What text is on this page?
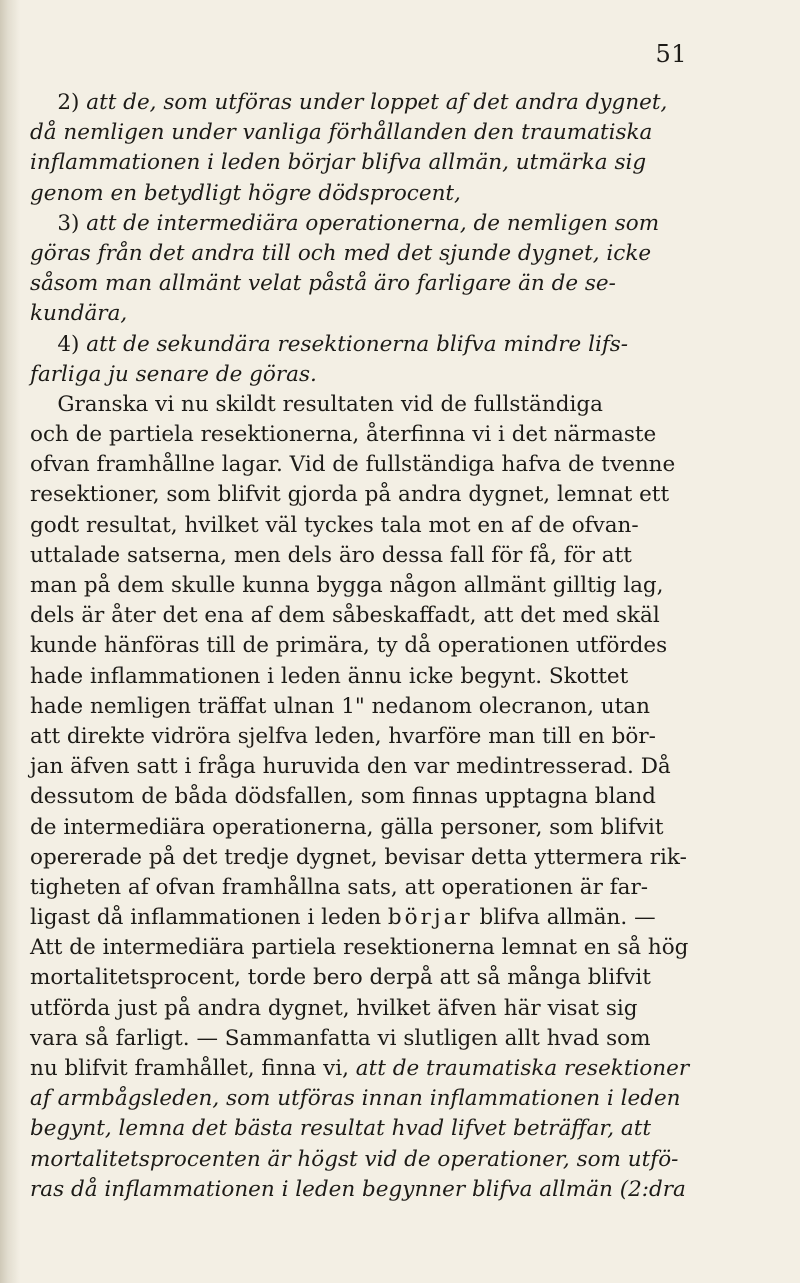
51
2) att de, som utföras under loppet af det andra dygnet,
då nemligen under vanliga förhållanden den traumatiska
inflammationen i leden börjar blifva allmän, utmärka sig
genom en betydligt högre dödsprocent,
3) att de intermediära operationerna, de nemligen som
göras från det andra till och med det sjunde dygnet, icke
såsom man allmänt velat påstå äro farligare än de se-
kundära,
4) att de sekundära resektionerna blifva mindre lifs-
farliga ju senare de göras.
Granska vi nu skildt resultaten vid de fullständiga
och de partiela resektionerna, återfinna vi i det närmaste
ofvan framhållne lagar. Vid de fullständiga hafva de tvenne
resektioner, som blifvit gjorda på andra dygnet, lemnat ett
godt resultat, hvilket väl tyckes tala mot en af de ofvan-
uttalade satserna, men dels äro dessa fall för få, för att
man på dem skulle kunna bygga någon allmänt gilltig lag,
dels är åter det ena af dem såbeskaffadt, att det med skäl
kunde hänföras till de primära, ty då operationen utfördes
hade inflammationen i leden ännu icke begynt. Skottet
hade nemligen träffat ulnan 1" nedanom olecranon, utan
att direkte vidröra sjelfva leden, hvarföre man till en bör-
jan äfven satt i fråga huruvida den var medintresserad. Då
dessutom de båda dödsfallen, som finnas upptagna bland
de intermediära operationerna, gälla personer, som blifvit
opererade på det tredje dygnet, bevisar detta yttermera rik-
tigheten af ofvan framhållna sats, att operationen är far-
ligast då inflammationen i leden börjar blifva allmän. —
Att de intermediära partiela resektionerna lemnat en så hög
mortalitetsprocent, torde bero derpå att så många blifvit
utförda just på andra dygnet, hvilket äfven här visat sig
vara så farligt. — Sammanfatta vi slutligen allt hvad som
nu blifvit framhållet, finna vi, att de traumatiska resektioner
af armbågsleden, som utföras innan inflammationen i leden
begynt, lemna det bästa resultat hvad lifvet beträffar, att
mortalitetsprocenten är högst vid de operationer, som utfö-
ras då inflammationen i leden begynner blifva allmän (2:dra
